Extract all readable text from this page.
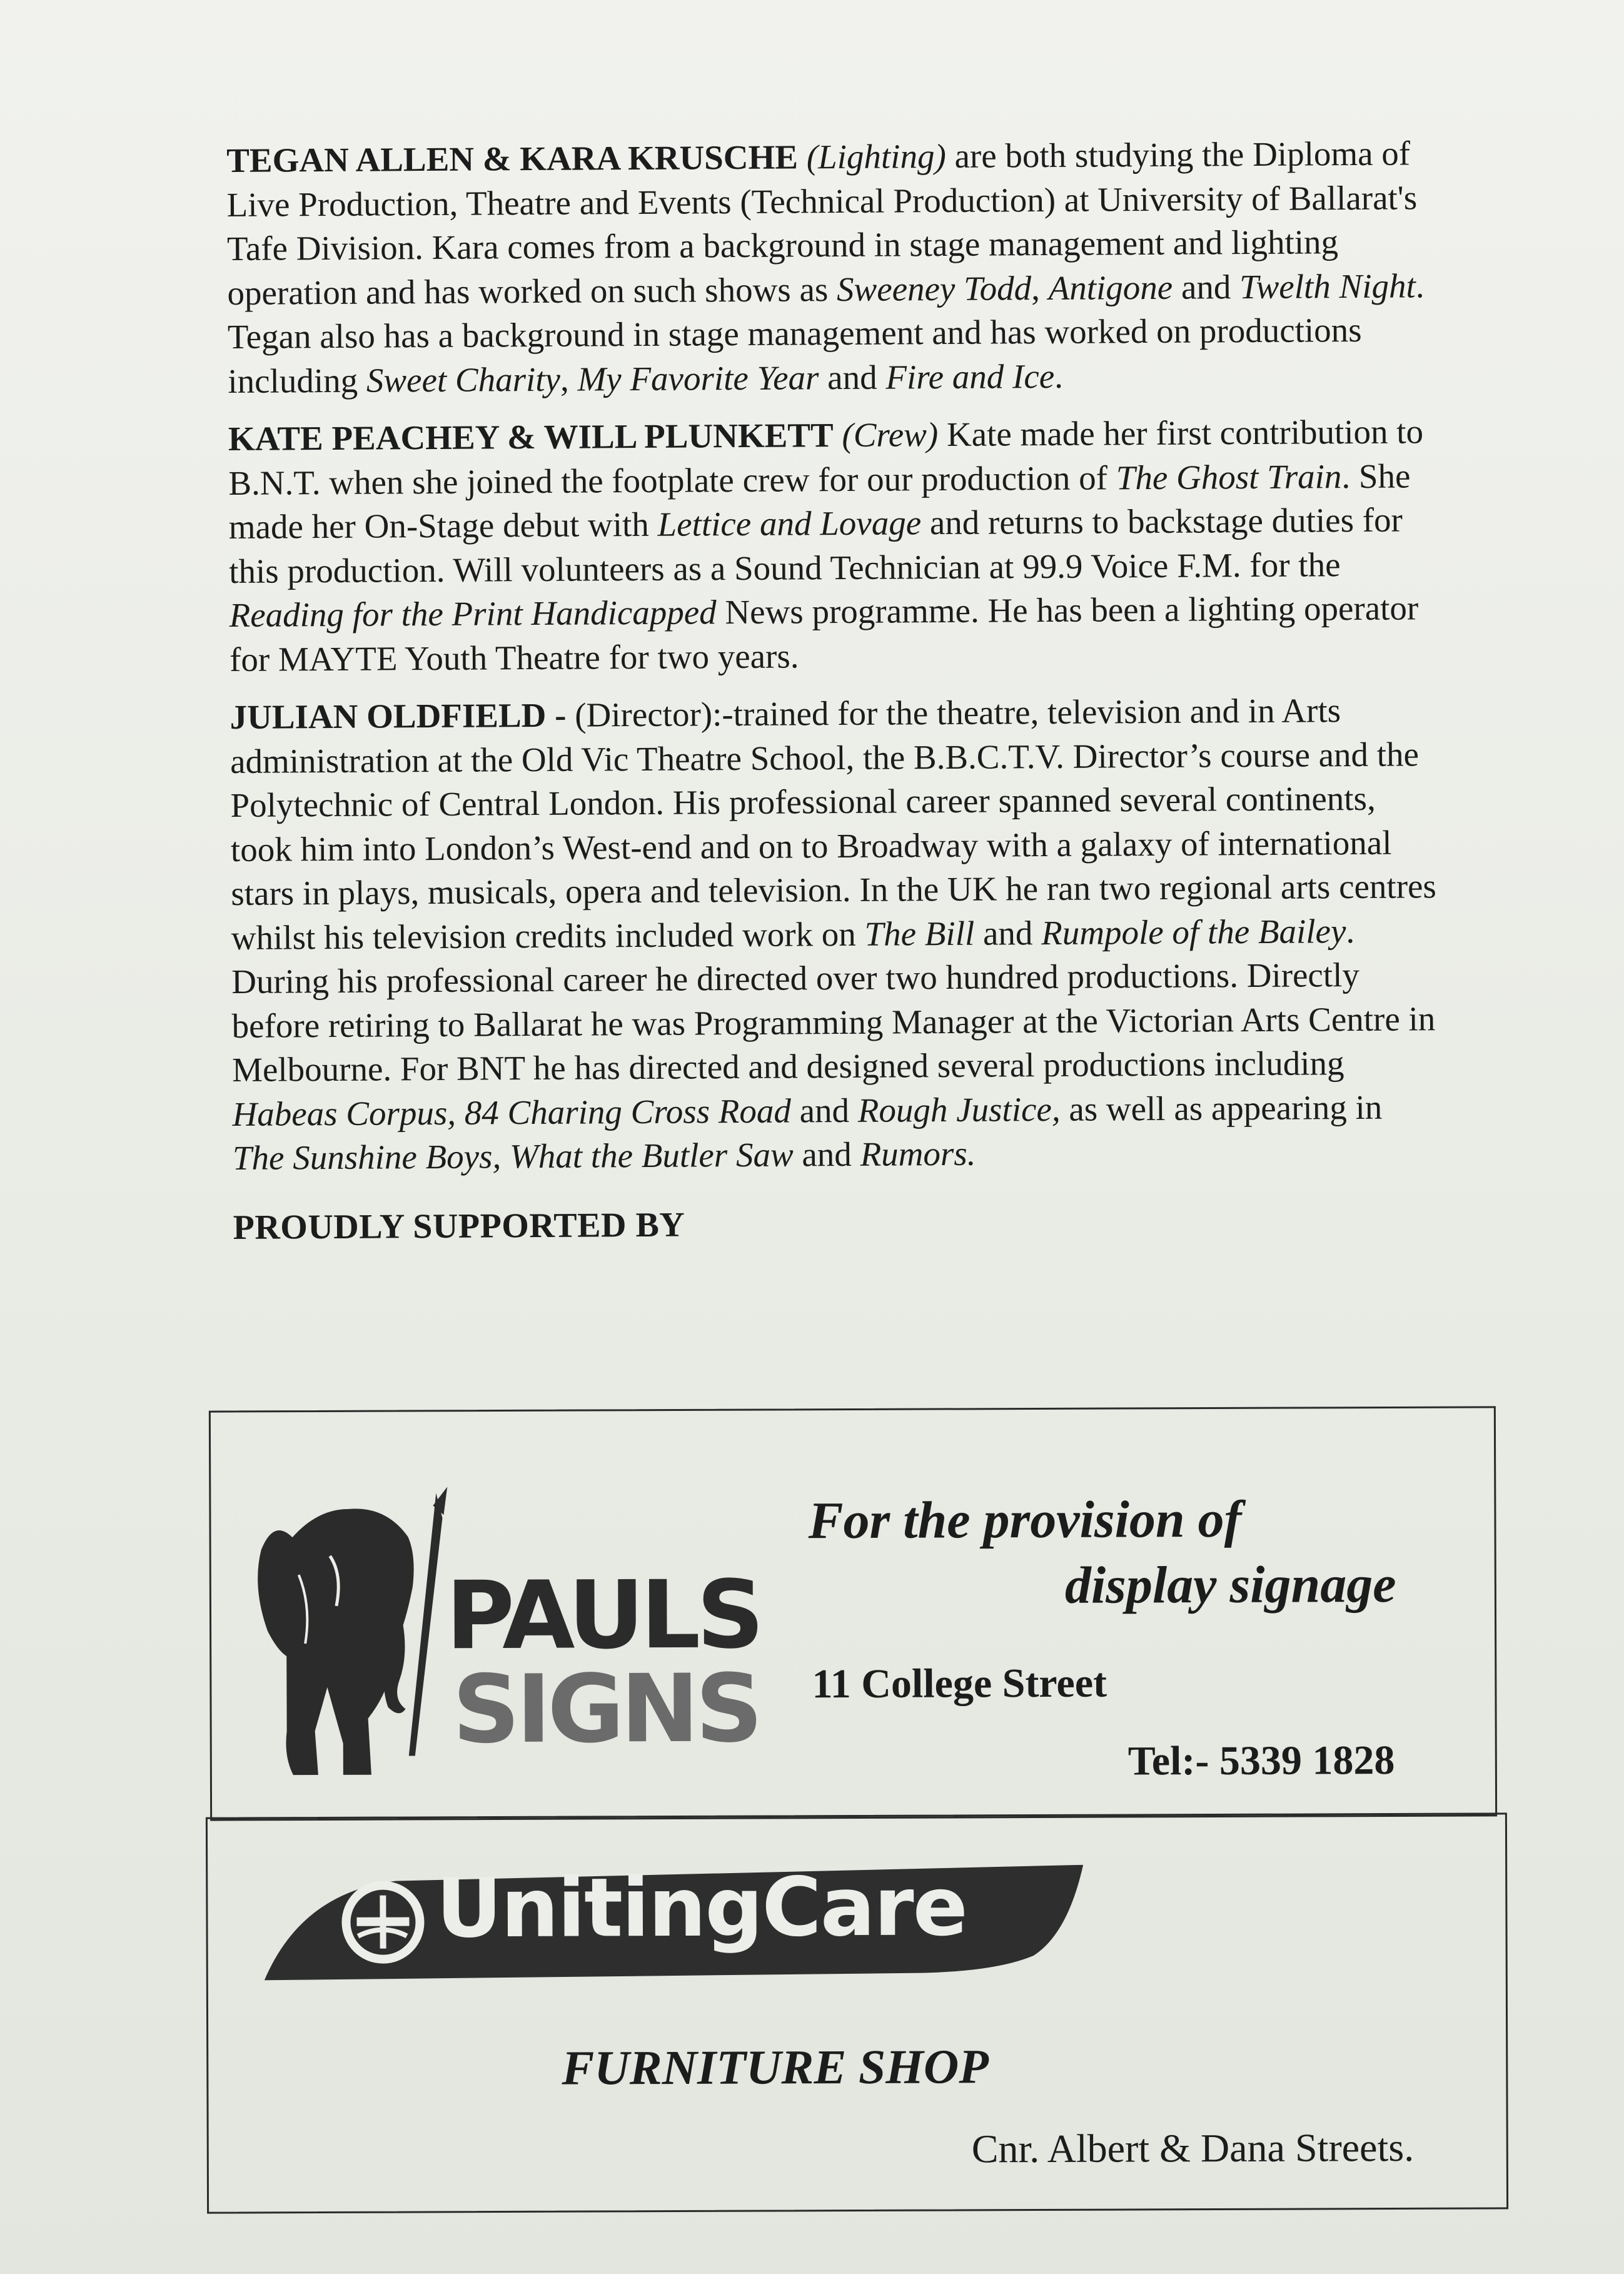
TEGAN ALLEN & KARA KRUSCHE (Lighting) are both studying the Diploma of Live Production, Theatre and Events (Technical Production) at University of Ballarat's Tafe Division. Kara comes from a background in stage management and lighting operation and has worked on such shows as Sweeney Todd, Antigone and Twelth Night. Tegan also has a background in stage management and has worked on productions including Sweet Charity, My Favorite Year and Fire and Ice.

KATE PEACHEY & WILL PLUNKETT (Crew) Kate made her first contribution to B.N.T. when she joined the footplate crew for our production of The Ghost Train. She made her On-Stage debut with Lettice and Lovage and returns to backstage duties for this production. Will volunteers as a Sound Technician at 99.9 Voice F.M. for the Reading for the Print Handicapped News programme. He has been a lighting operator for MAYTE Youth Theatre for two years.

JULIAN OLDFIELD - (Director):-trained for the theatre, television and in Arts administration at the Old Vic Theatre School, the B.B.C.T.V. Director’s course and the Polytechnic of Central London. His professional career spanned several continents, took him into London’s West-end and on to Broadway with a galaxy of international stars in plays, musicals, opera and television. In the UK he ran two regional arts centres whilst his television credits included work on The Bill and Rumpole of the Bailey. During his professional career he directed over two hundred productions. Directly before retiring to Ballarat he was Programming Manager at the Victorian Arts Centre in Melbourne. For BNT he has directed and designed several productions including Habeas Corpus, 84 Charing Cross Road and Rough Justice, as well as appearing in The Sunshine Boys, What the Butler Saw and Rumors.

PROUDLY SUPPORTED BY
PAULS
SIGNS
For the provision of
display signage
11 College Street
Tel:- 5339 1828
UnitingCare
FURNITURE SHOP
Cnr. Albert & Dana Streets.
